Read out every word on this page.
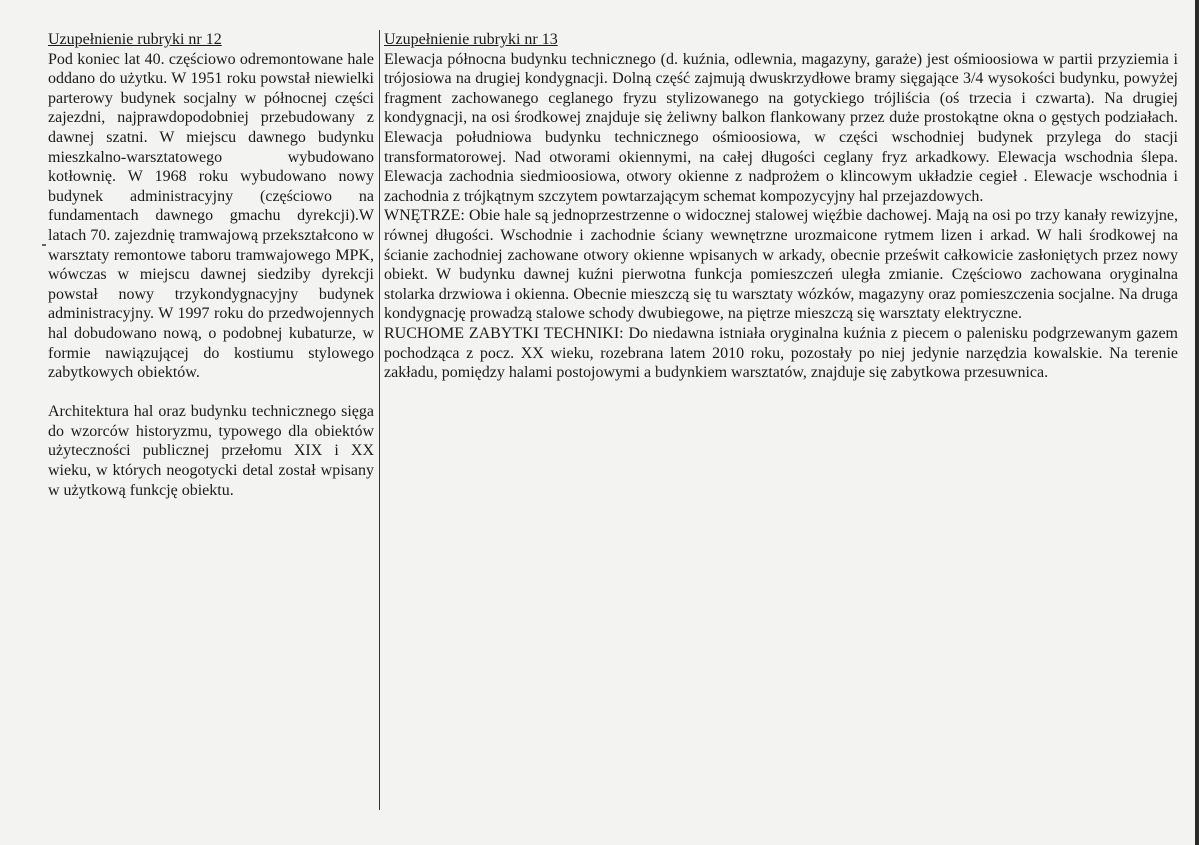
Uzupełnienie rubryki nr 12

Pod koniec lat 40. częściowo odremontowane hale oddano do użytku. W 1951 roku powstał niewielki parterowy budynek socjalny w północnej części zajezdni, najprawdopodobniej przebudowany z dawnej szatni. W miejscu dawnego budynku mieszkalno-warsztatowego wybudowano kotłownię. W 1968 roku wybudowano nowy budynek administracyjny (częściowo na fundamentach dawnego gmachu dyrekcji).W latach 70. zajezdnię tramwajową przekształcono w warsztaty remontowe taboru tramwajowego MPK, wówczas w miejscu dawnej siedziby dyrekcji powstał nowy trzykondygnacyjny budynek administracyjny. W 1997 roku do przedwojennych hal dobudowano nową, o podobnej kubaturze, w formie nawiązującej do kostiumu stylowego zabytkowych obiektów.

Architektura hal oraz budynku technicznego sięga do wzorców historyzmu, typowego dla obiektów użyteczności publicznej przełomu XIX i XX wieku, w których neogotycki detal został wpisany w użytkową funkcję obiektu.

Uzupełnienie rubryki nr 13

Elewacja północna budynku technicznego (d. kuźnia, odlewnia, magazyny, garaże) jest ośmioosiowa w partii przyziemia i trójosiowa na drugiej kondygnacji. Dolną część zajmują dwuskrzydłowe bramy sięgające 3/4 wysokości budynku, powyżej fragment zachowanego ceglanego fryzu stylizowanego na gotyckiego trójliścia (oś trzecia i czwarta). Na drugiej kondygnacji, na osi środkowej znajduje się żeliwny balkon flankowany przez duże prostokątne okna o gęstych podziałach. Elewacja południowa budynku technicznego ośmioosiowa, w części wschodniej budynek przylega do stacji transformatorowej. Nad otworami okiennymi, na całej długości ceglany fryz arkadkowy. Elewacja wschodnia ślepa. Elewacja zachodnia siedmioosiowa, otwory okienne z nadprożem o klincowym układzie cegieł . Elewacje wschodnia i zachodnia z trójkątnym szczytem powtarzającym schemat kompozycyjny hal przejazdowych.

WNĘTRZE: Obie hale są jednoprzestrzenne o widocznej stalowej więźbie dachowej. Mają na osi po trzy kanały rewizyjne, równej długości. Wschodnie i zachodnie ściany wewnętrzne urozmaicone rytmem lizen i arkad. W hali środkowej na ścianie zachodniej zachowane otwory okienne wpisanych w arkady, obecnie prześwit całkowicie zasłoniętych przez nowy obiekt. W budynku dawnej kuźni pierwotna funkcja pomieszczeń uległa zmianie. Częściowo zachowana oryginalna stolarka drzwiowa i okienna. Obecnie mieszczą się tu warsztaty wózków, magazyny oraz pomieszczenia socjalne. Na druga kondygnację prowadzą stalowe schody dwubiegowe, na piętrze mieszczą się warsztaty elektryczne.

RUCHOME ZABYTKI TECHNIKI: Do niedawna istniała oryginalna kuźnia z piecem o palenisku podgrzewanym gazem pochodząca z pocz. XX wieku, rozebrana latem 2010 roku, pozostały po niej jedynie narzędzia kowalskie. Na terenie zakładu, pomiędzy halami postojowymi a budynkiem warsztatów, znajduje się zabytkowa przesuwnica.
